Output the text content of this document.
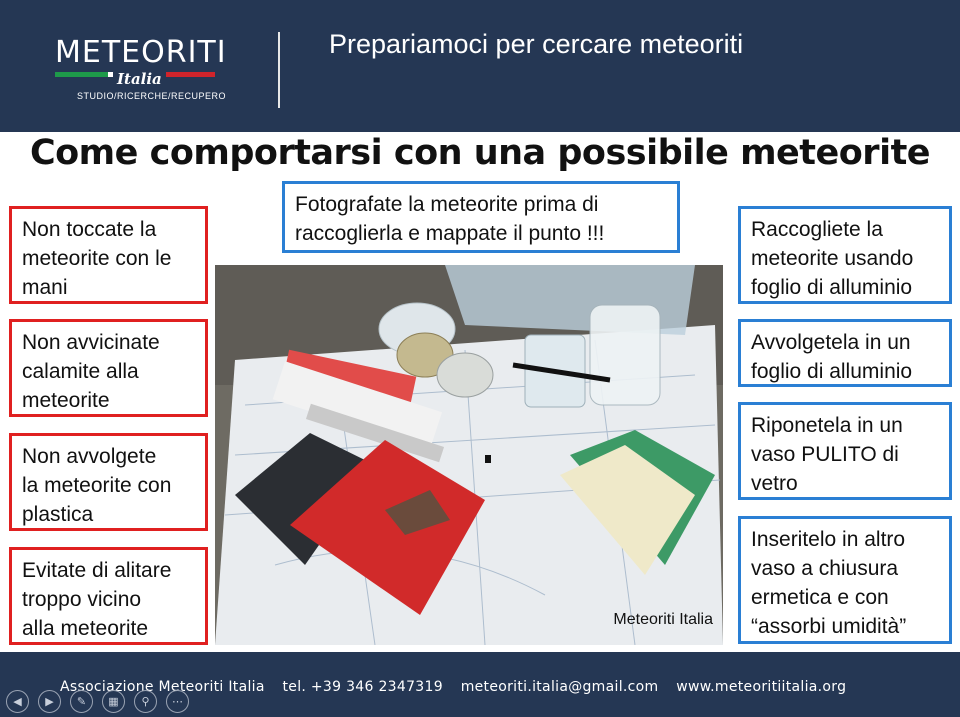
METEORITI
Italia
STUDIO/RICERCHE/RECUPERO
Prepariamoci per cercare meteoriti
Come comportarsi con una possibile meteorite
Fotografate la meteorite prima di
raccoglierla e mappate il punto !!!
Non toccate la
meteorite con le
mani
Non avvicinate
calamite alla
meteorite
Non avvolgete
la meteorite con
plastica
Evitate di alitare
troppo vicino
alla meteorite
Raccogliete la
meteorite usando
foglio di alluminio
Avvolgetela in un
foglio di alluminio
Riponetela in un
vaso PULITO di
vetro
Inseritelo in altro
vaso a chiusura
ermetica e con
“assorbi umidità”
Meteoriti Italia
Associazione Meteoriti Italia tel. +39 346 2347319 meteoriti.italia@gmail.com www.meteoritiitalia.org
◀	▶	✎	▦	⚲	⋯
